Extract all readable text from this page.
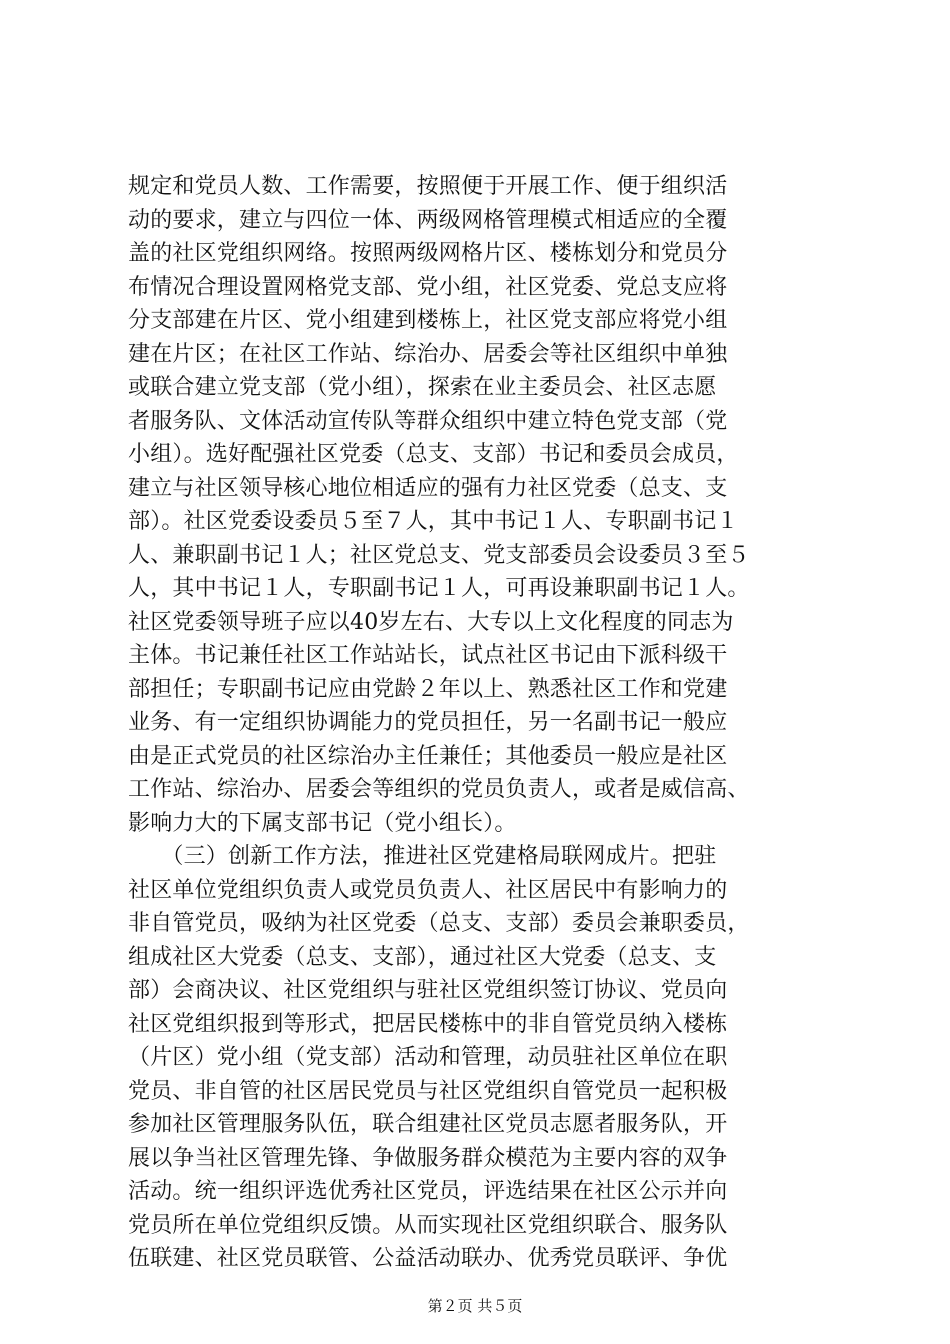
规定和党员人数、工作需要，按照便于开展工作、便于组织活
动的要求，建立与四位一体、两级网格管理模式相适应的全覆
盖的社区党组织网络。按照两级网格片区、楼栋划分和党员分
布情况合理设置网格党支部、党小组，社区党委、党总支应将
分支部建在片区、党小组建到楼栋上，社区党支部应将党小组
建在片区；在社区工作站、综治办、居委会等社区组织中单独
或联合建立党支部（党小组），探索在业主委员会、社区志愿
者服务队、文体活动宣传队等群众组织中建立特色党支部（党
小组）。选好配强社区党委（总支、支部）书记和委员会成员，
建立与社区领导核心地位相适应的强有力社区党委（总支、支
部）。社区党委设委员５至７人，其中书记１人、专职副书记１
人、兼职副书记１人；社区党总支、党支部委员会设委员３至５
人，其中书记１人，专职副书记１人，可再设兼职副书记１人。
社区党委领导班子应以40岁左右、大专以上文化程度的同志为
主体。书记兼任社区工作站站长，试点社区书记由下派科级干
部担任；专职副书记应由党龄２年以上、熟悉社区工作和党建
业务、有一定组织协调能力的党员担任，另一名副书记一般应
由是正式党员的社区综治办主任兼任；其他委员一般应是社区
工作站、综治办、居委会等组织的党员负责人，或者是威信高、
影响力大的下属支部书记（党小组长）。
　　（三）创新工作方法，推进社区党建格局联网成片。把驻
社区单位党组织负责人或党员负责人、社区居民中有影响力的
非自管党员，吸纳为社区党委（总支、支部）委员会兼职委员，
组成社区大党委（总支、支部），通过社区大党委（总支、支
部）会商决议、社区党组织与驻社区党组织签订协议、党员向
社区党组织报到等形式，把居民楼栋中的非自管党员纳入楼栋
（片区）党小组（党支部）活动和管理，动员驻社区单位在职
党员、非自管的社区居民党员与社区党组织自管党员一起积极
参加社区管理服务队伍，联合组建社区党员志愿者服务队，开
展以争当社区管理先锋、争做服务群众模范为主要内容的双争
活动。统一组织评选优秀社区党员，评选结果在社区公示并向
党员所在单位党组织反馈。从而实现社区党组织联合、服务队
伍联建、社区党员联管、公益活动联办、优秀党员联评、争优
第２页 共５页
